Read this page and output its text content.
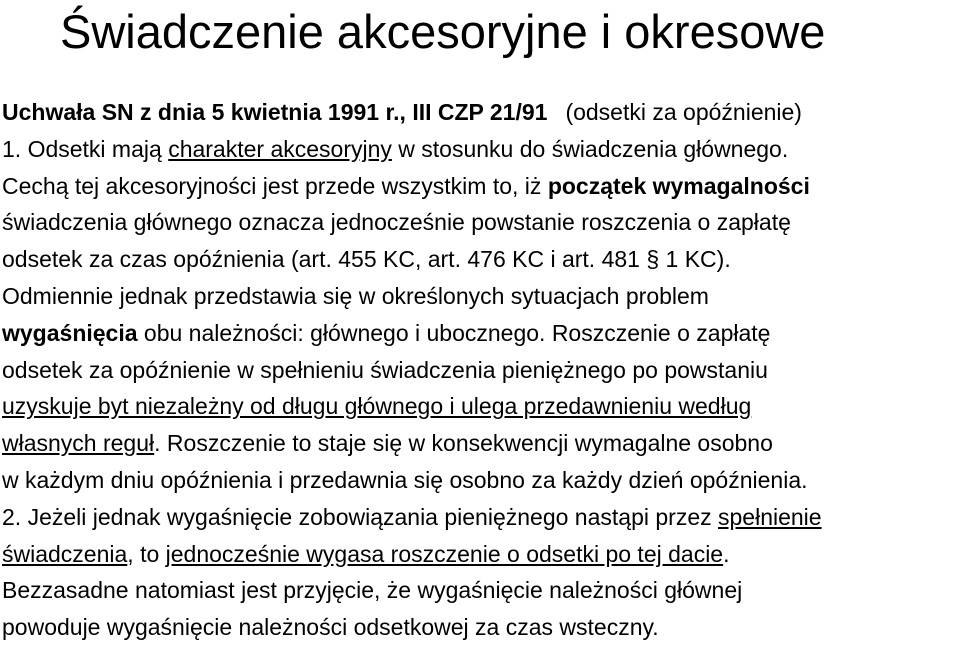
Świadczenie akcesoryjne i okresowe
Uchwała SN z dnia 5 kwietnia 1991 r., III CZP 21/91 (odsetki za opóźnienie)
1. Odsetki mają charakter akcesoryjny w stosunku do świadczenia głównego.
Cechą tej akcesoryjności jest przede wszystkim to, iż początek wymagalności
świadczenia głównego oznacza jednocześnie powstanie roszczenia o zapłatę
odsetek za czas opóźnienia (art. 455 KC, art. 476 KC i art. 481 § 1 KC).
Odmiennie jednak przedstawia się w określonych sytuacjach problem
wygaśnięcia obu należności: głównego i ubocznego. Roszczenie o zapłatę
odsetek za opóźnienie w spełnieniu świadczenia pieniężnego po powstaniu
uzyskuje byt niezależny od długu głównego i ulega przedawnieniu według
własnych reguł. Roszczenie to staje się w konsekwencji wymagalne osobno
w każdym dniu opóźnienia i przedawnia się osobno za każdy dzień opóźnienia.
2. Jeżeli jednak wygaśnięcie zobowiązania pieniężnego nastąpi przez spełnienie
świadczenia, to jednocześnie wygasa roszczenie o odsetki po tej dacie.
Bezzasadne natomiast jest przyjęcie, że wygaśnięcie należności głównej
powoduje wygaśnięcie należności odsetkowej za czas wsteczny.
